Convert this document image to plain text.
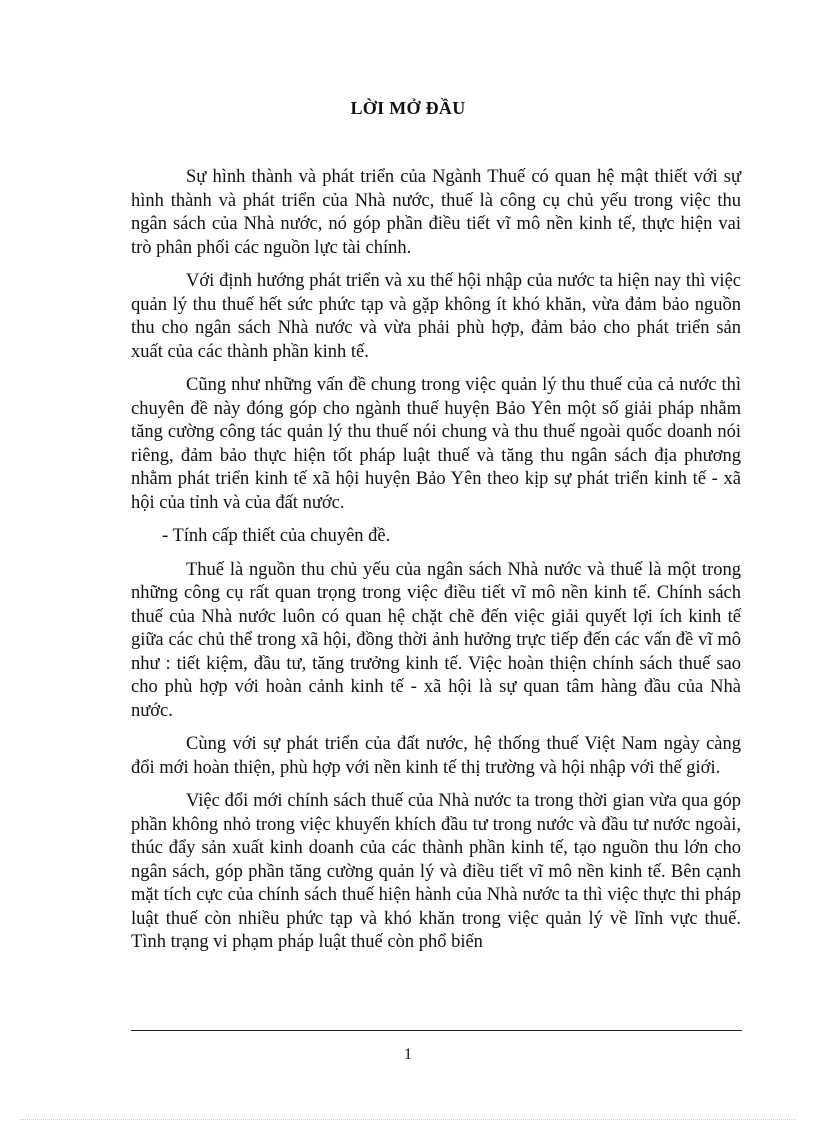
LỜI MỞ ĐẦU

Sự hình thành và phát triển của Ngành Thuế có quan hệ mật thiết với sự hình thành và phát triển của Nhà nước, thuế là công cụ chủ yếu trong việc thu ngân sách của Nhà nước, nó góp phần điều tiết vĩ mô nền kinh tế, thực hiện vai trò phân phối các nguồn lực tài chính.

Với định hướng phát triển và xu thế hội nhập của nước ta hiện nay thì việc quản lý thu thuế hết sức phức tạp và gặp không ít khó khăn, vừa đảm bảo nguồn thu cho ngân sách Nhà nước và vừa phải phù hợp, đảm bảo cho phát triển sản xuất của các thành phần kinh tế.

Cũng như những vấn đề chung trong việc quản lý thu thuế của cả nước thì chuyên đề này đóng góp cho ngành thuế huyện Bảo Yên một số giải pháp nhằm tăng cường công tác quản lý thu thuế nói chung và thu thuế ngoài quốc doanh nói riêng, đảm bảo thực hiện tốt pháp luật thuế và tăng thu ngân sách địa phương nhằm phát triển kinh tế xã hội huyện Bảo Yên theo kịp sự phát triển kinh tế - xã hội của tỉnh và của đất nước.

- Tính cấp thiết của chuyên đề.

Thuế là nguồn thu chủ yếu của ngân sách Nhà nước và thuế là một trong những công cụ rất quan trọng trong việc điều tiết vĩ mô nền kinh tế. Chính sách thuế của Nhà nước luôn có quan hệ chặt chẽ đến việc giải quyết lợi ích kinh tế giữa các chủ thể trong xã hội, đồng thời ảnh hưởng trực tiếp đến các vấn đề vĩ mô như : tiết kiệm, đầu tư, tăng trưởng kinh tế. Việc hoàn thiện chính sách thuế sao cho phù hợp với hoàn cảnh kinh tế - xã hội là sự quan tâm hàng đầu của Nhà nước.

Cùng với sự phát triển của đất nước, hệ thống thuế Việt Nam ngày càng đổi mới hoàn thiện, phù hợp với nền kinh tế thị trường và hội nhập với thế giới.

Việc đổi mới chính sách thuế của Nhà nước ta trong thời gian vừa qua góp phần không nhỏ trong việc khuyến khích đầu tư trong nước và đầu tư nước ngoài, thúc đẩy sản xuất kinh doanh của các thành phần kinh tế, tạo nguồn thu lớn cho ngân sách, góp phần tăng cường quản lý và điều tiết vĩ mô nền kinh tế. Bên cạnh mặt tích cực của chính sách thuế hiện hành của Nhà nước ta thì việc thực thi pháp luật thuế còn nhiều phức tạp và khó khăn trong việc quản lý về lĩnh vực thuế. Tình trạng vi phạm pháp luật thuế còn phổ biến

1
